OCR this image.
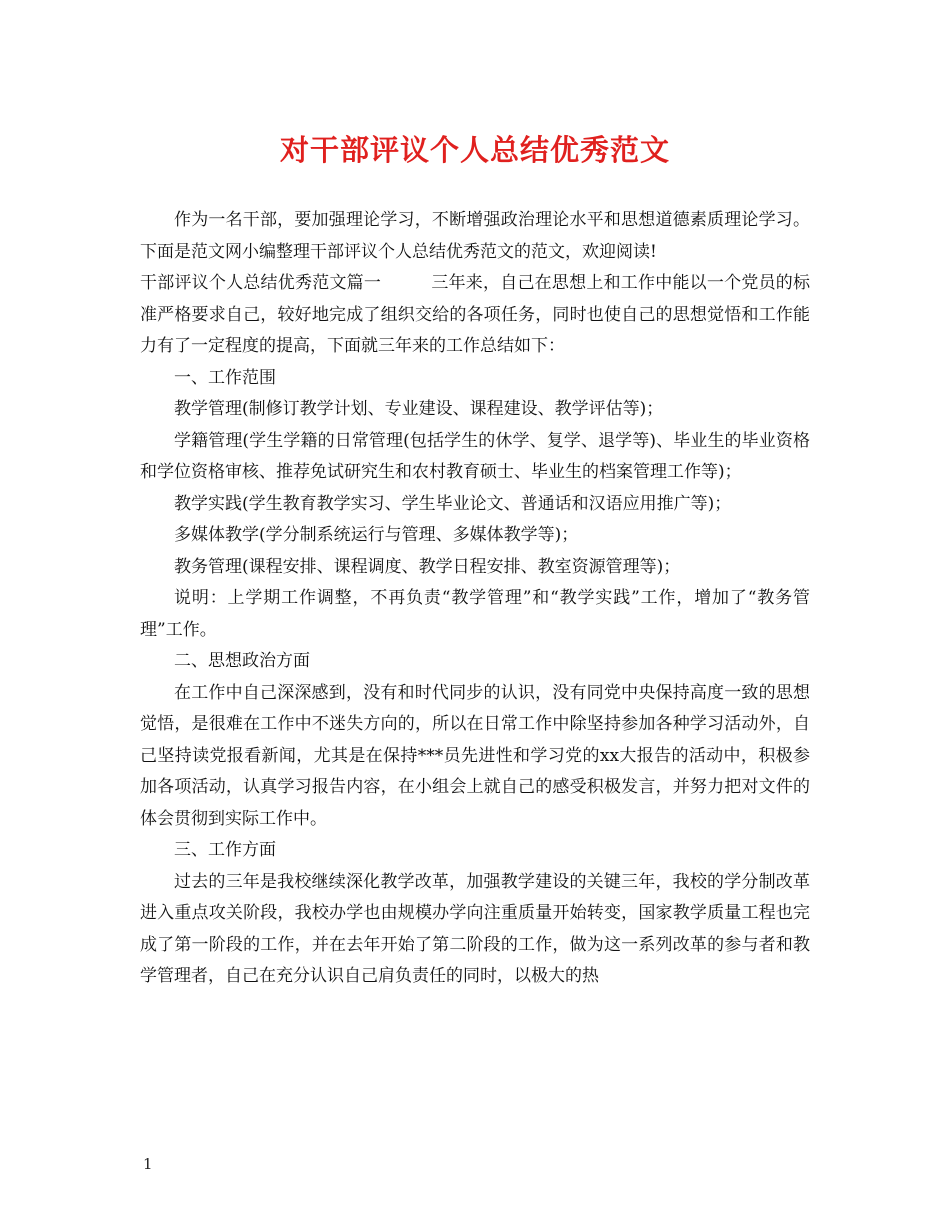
对干部评议个人总结优秀范文

作为一名干部，要加强理论学习，不断增强政治理论水平和思想道德素质理论学习。下面是范文网小编整理干部评议个人总结优秀范文的范文，欢迎阅读!

干部评议个人总结优秀范文篇一	三年来，自己在思想上和工作中能以一个党员的标准严格要求自己，较好地完成了组织交给的各项任务，同时也使自己的思想觉悟和工作能力有了一定程度的提高，下面就三年来的工作总结如下：

一、工作范围

教学管理(制修订教学计划、专业建设、课程建设、教学评估等)；

学籍管理(学生学籍的日常管理(包括学生的休学、复学、退学等)、毕业生的毕业资格和学位资格审核、推荐免试研究生和农村教育硕士、毕业生的档案管理工作等)；

教学实践(学生教育教学实习、学生毕业论文、普通话和汉语应用推广等)；

多媒体教学(学分制系统运行与管理、多媒体教学等)；

教务管理(课程安排、课程调度、教学日程安排、教室资源管理等)；

说明：上学期工作调整，不再负责“教学管理”和“教学实践”工作，增加了“教务管理”工作。

二、思想政治方面

在工作中自己深深感到，没有和时代同步的认识，没有同党中央保持高度一致的思想觉悟，是很难在工作中不迷失方向的，所以在日常工作中除坚持参加各种学习活动外，自己坚持读党报看新闻，尤其是在保持***员先进性和学习党的xx大报告的活动中，积极参加各项活动，认真学习报告内容，在小组会上就自己的感受积极发言，并努力把对文件的体会贯彻到实际工作中。

三、工作方面

过去的三年是我校继续深化教学改革，加强教学建设的关键三年，我校的学分制改革进入重点攻关阶段，我校办学也由规模办学向注重质量开始转变，国家教学质量工程也完成了第一阶段的工作，并在去年开始了第二阶段的工作，做为这一系列改革的参与者和教学管理者，自己在充分认识自己肩负责任的同时，以极大的热

1
